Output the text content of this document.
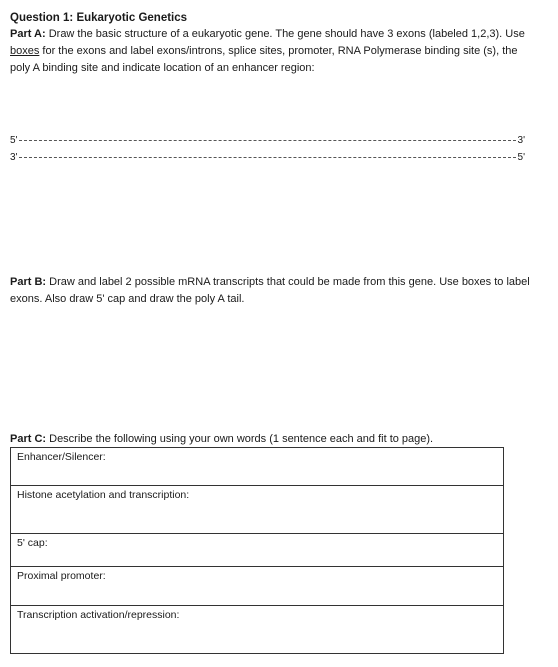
Question 1: Eukaryotic Genetics
Part A: Draw the basic structure of a eukaryotic gene. The gene should have 3 exons (labeled 1,2,3). Use boxes for the exons and label exons/introns, splice sites, promoter, RNA Polymerase binding site (s), the poly A binding site and indicate location of an enhancer region:
5'	3'
3'	5'
Part B: Draw and label 2 possible mRNA transcripts that could be made from this gene. Use boxes to label exons. Also draw 5' cap and draw the poly A tail.
Part C: Describe the following using your own words (1 sentence each and fit to page).
Enhancer/Silencer:
Histone acetylation and transcription:
5' cap:
Proximal promoter:
Transcription activation/repression:
